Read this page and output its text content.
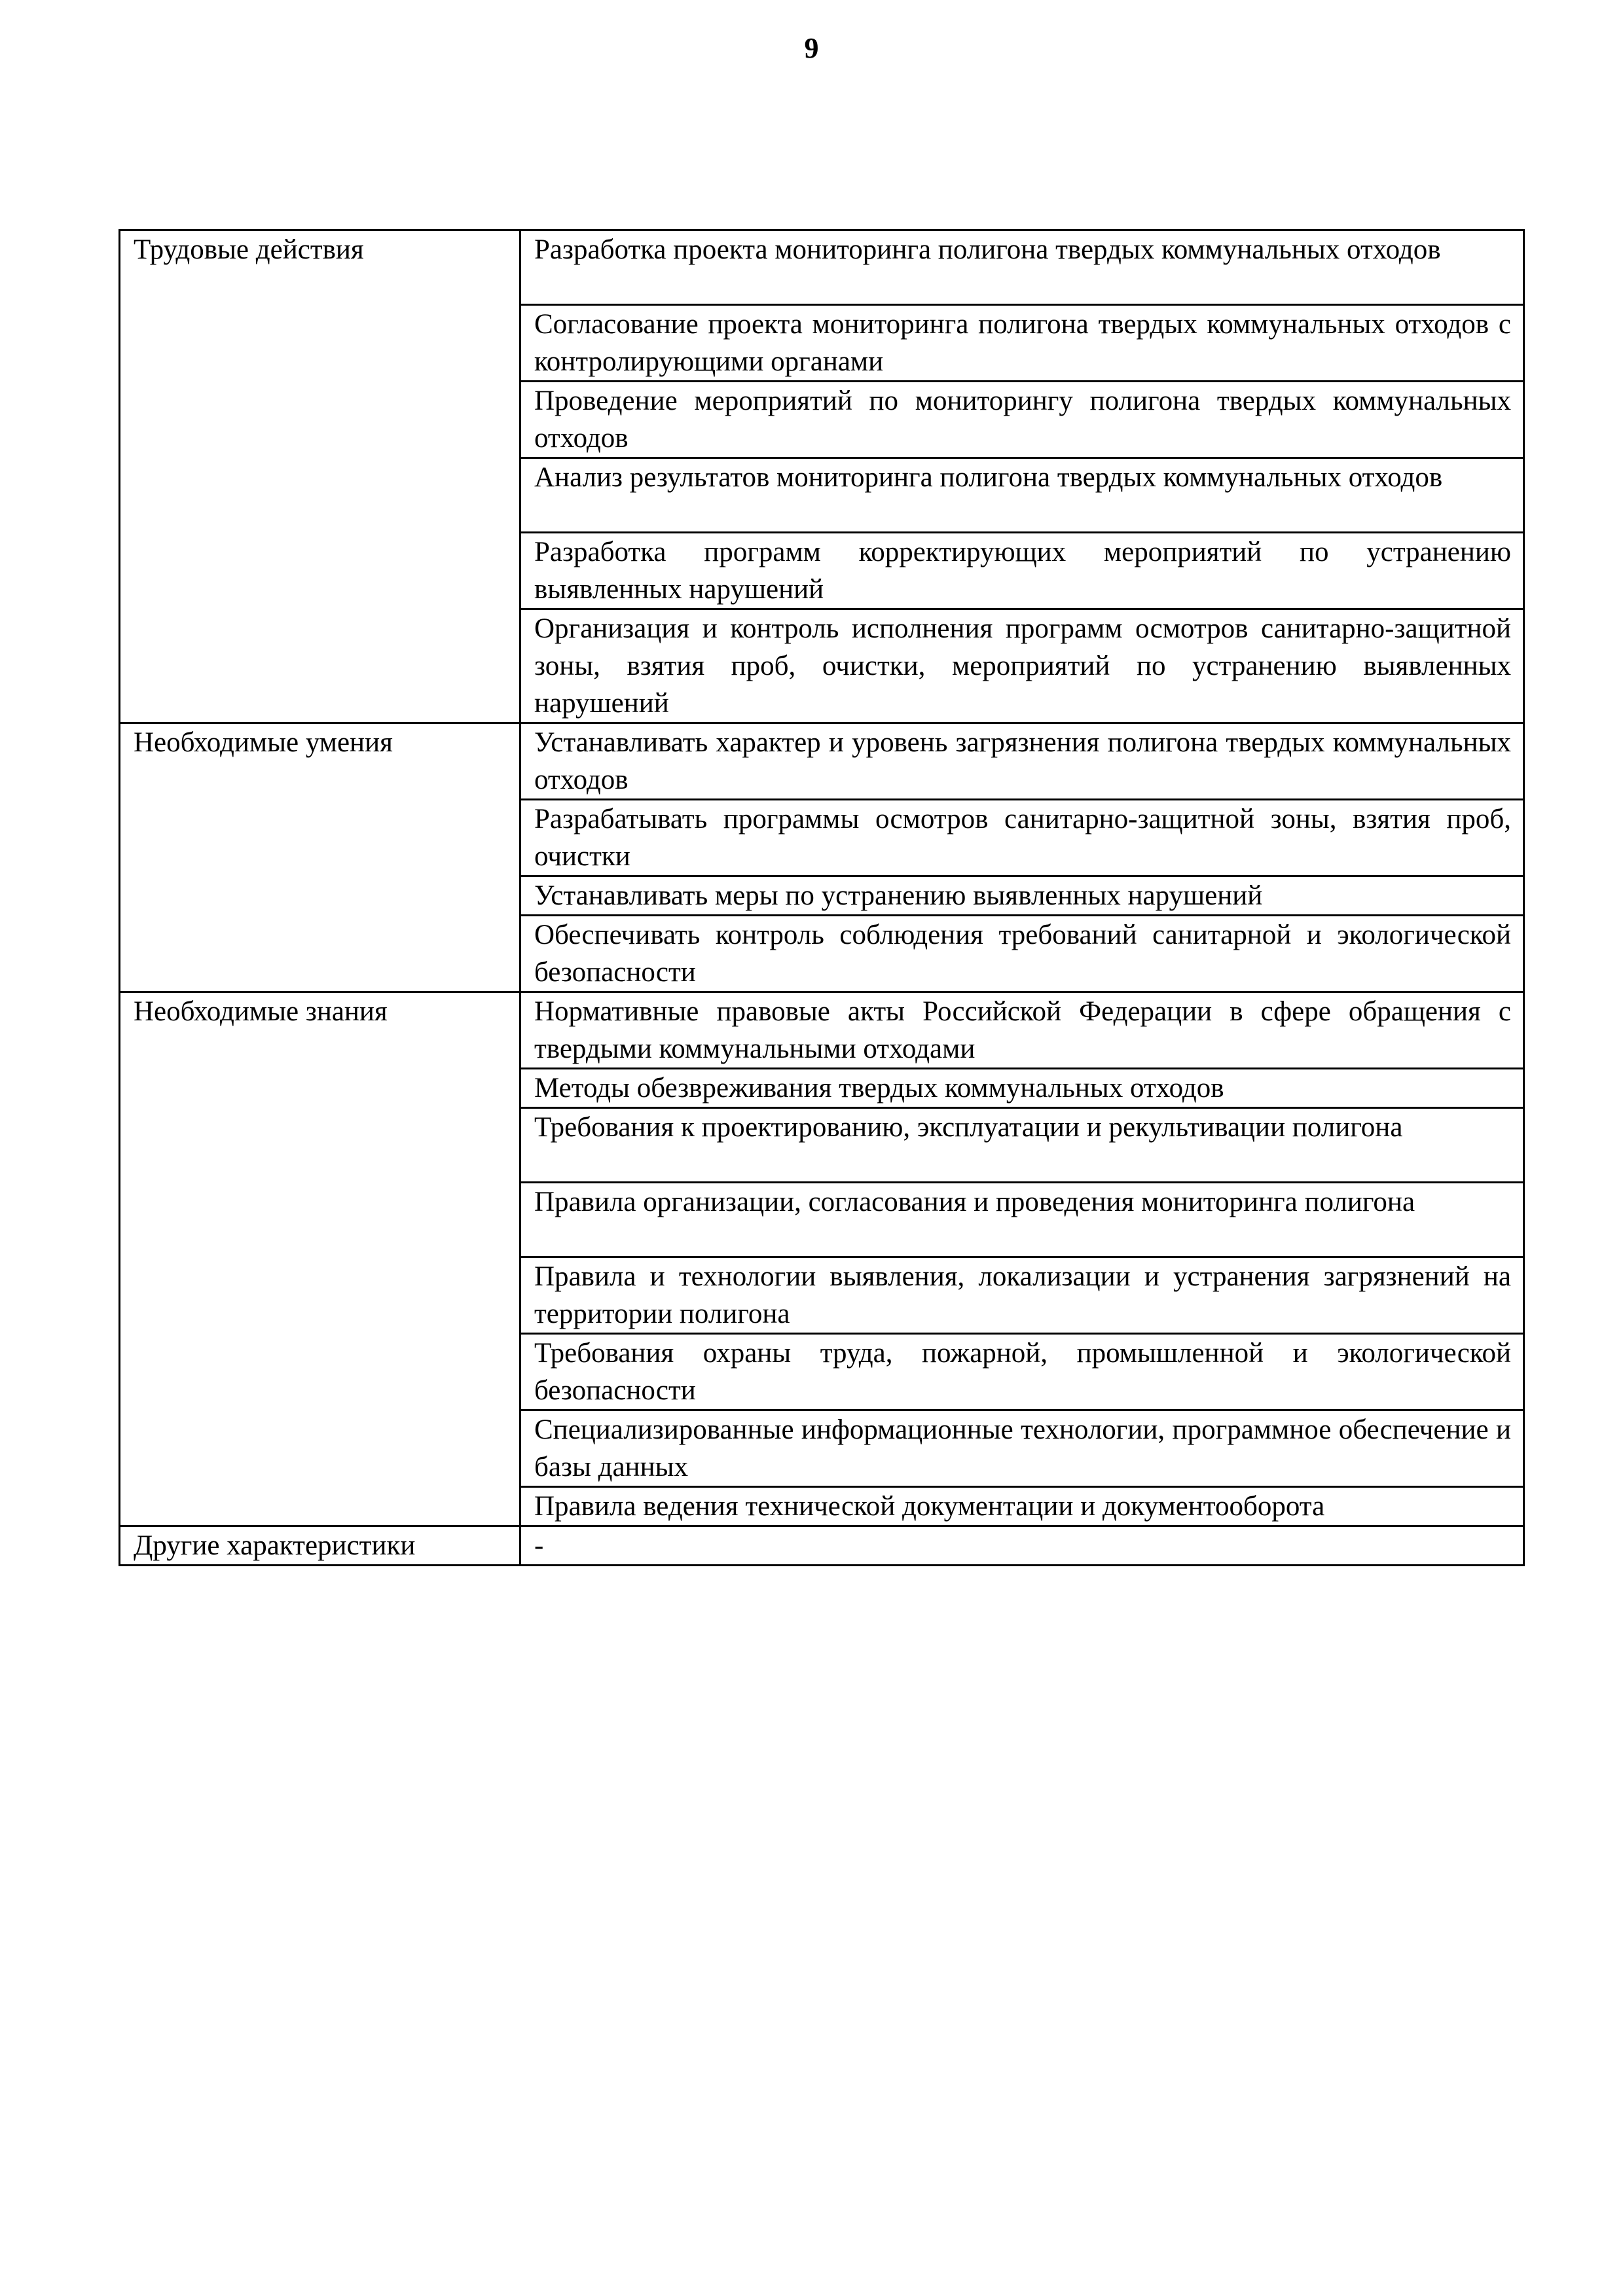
9
Трудовые действия	Разработка проекта мониторинга полигона твердых коммунальных отходов
	Согласование проекта мониторинга полигона твердых коммунальных отходов с контролирующими органами
	Проведение мероприятий по мониторингу полигона твердых коммунальных отходов
	Анализ результатов мониторинга полигона твердых коммунальных отходов
	Разработка программ корректирующих мероприятий по устранению выявленных нарушений
	Организация и контроль исполнения программ осмотров санитарно-защитной зоны, взятия проб, очистки, мероприятий по устранению выявленных нарушений
Необходимые умения	Устанавливать характер и уровень загрязнения полигона твердых коммунальных отходов
	Разрабатывать программы осмотров санитарно-защитной зоны, взятия проб, очистки
	Устанавливать меры по устранению выявленных нарушений
	Обеспечивать контроль соблюдения требований санитарной и экологической безопасности
Необходимые знания	Нормативные правовые акты Российской Федерации в сфере обращения с твердыми коммунальными отходами
	Методы обезвреживания твердых коммунальных отходов
	Требования к проектированию, эксплуатации и рекультивации полигона
	Правила организации, согласования и проведения мониторинга полигона
	Правила и технологии выявления, локализации и устранения загрязнений на территории полигона
	Требования охраны труда, пожарной, промышленной и экологической безопасности
	Специализированные информационные технологии, программное обеспечение и базы данных
	Правила ведения технической документации и документооборота
Другие характеристики	-
